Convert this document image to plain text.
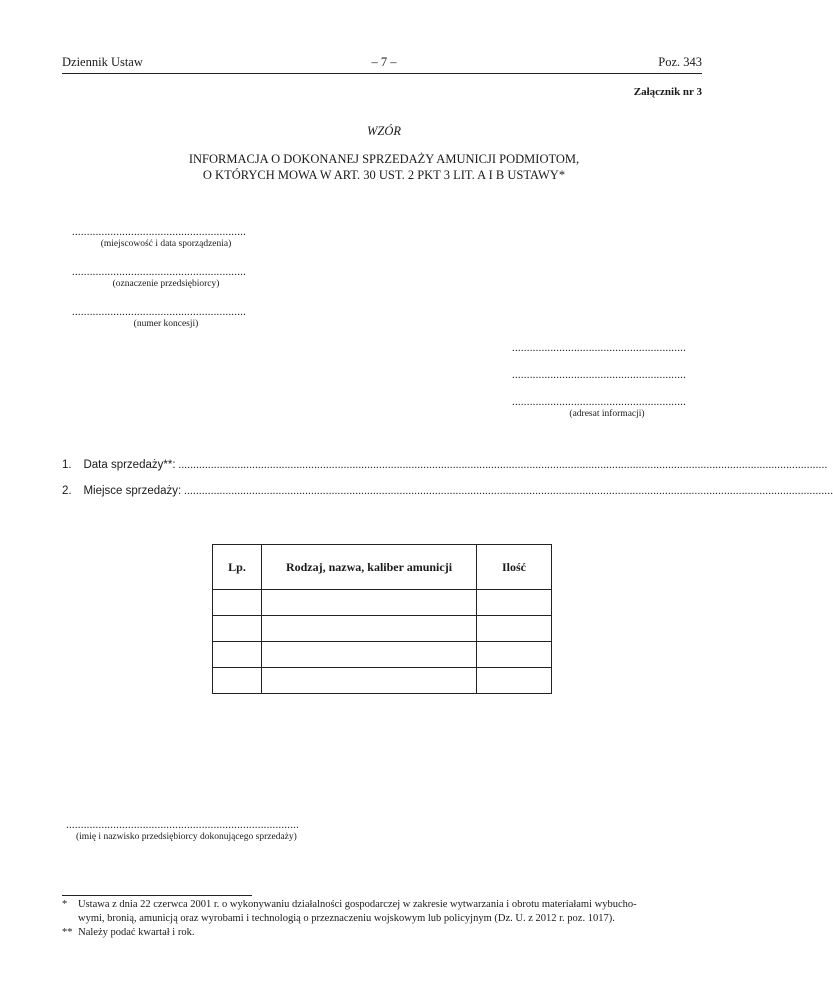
Dziennik Ustaw	– 7 –	Poz. 343
Załącznik nr 3
WZÓR
INFORMACJA O DOKONANEJ SPRZEDAŻY AMUNICJI PODMIOTOM,
O KTÓRYCH MOWA W ART. 30 UST. 2 PKT 3 LIT. A I B USTAWY*
...........................................................
(miejscowość i data sporządzenia)
...........................................................
(oznaczenie przedsiębiorcy)
...........................................................
(numer koncesji)
...........................................................
...........................................................
...........................................................
(adresat informacji)
1. Data sprzedaży**: ............................................................................................................................................................................................................................
2. Miejsce sprzedaży: ............................................................................................................................................................................................................................
Lp.	Rodzaj, nazwa, kaliber amunicji	Ilość

...............................................................................
(imię i nazwisko przedsiębiorcy dokonującego sprzedaży)
* Ustawa z dnia 22 czerwca 2001 r. o wykonywaniu działalności gospodarczej w zakresie wytwarzania i obrotu materiałami wybucho-
wymi, bronią, amunicją oraz wyrobami i technologią o przeznaczeniu wojskowym lub policyjnym (Dz. U. z 2012 r. poz. 1017).
** Należy podać kwartał i rok.
